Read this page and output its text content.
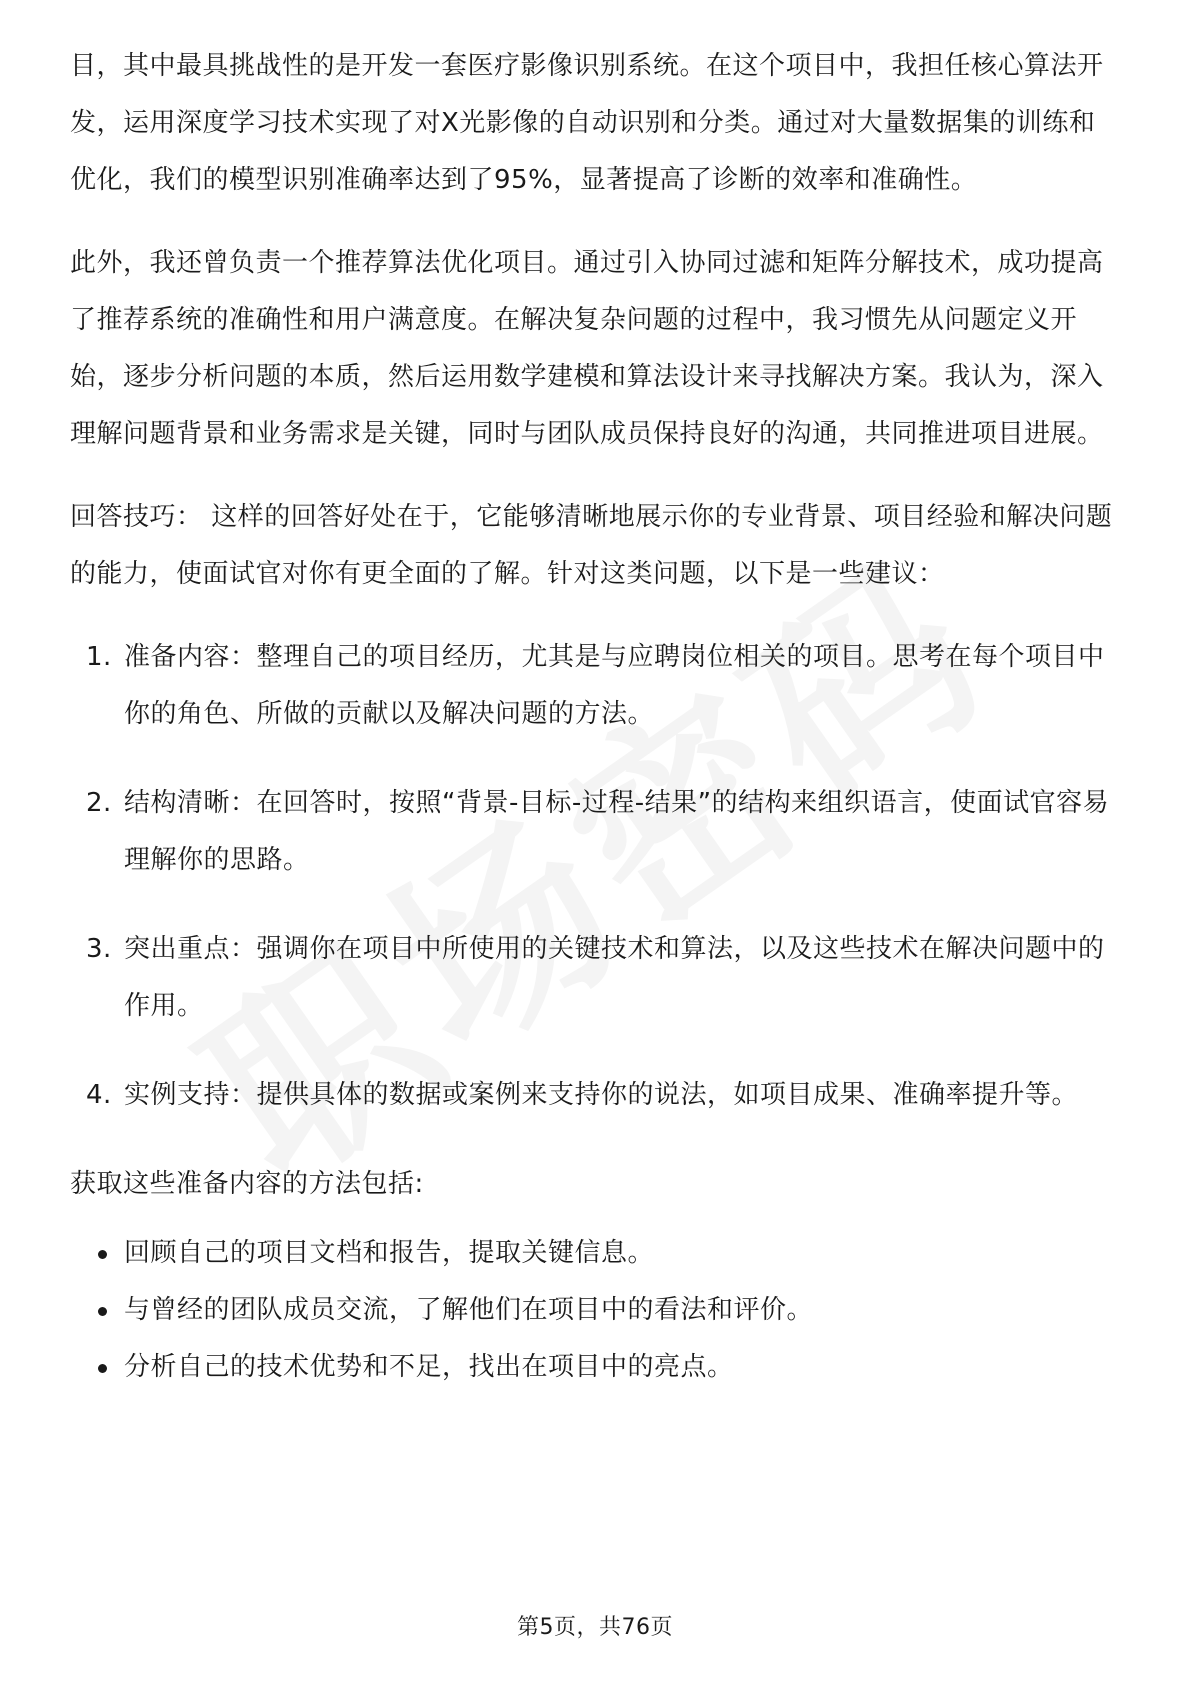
目，其中最具挑战性的是开发一套医疗影像识别系统。在这个项目中，我担任核心算法开发，运用深度学习技术实现了对X光影像的自动识别和分类。通过对大量数据集的训练和优化，我们的模型识别准确率达到了95%，显著提高了诊断的效率和准确性。

此外，我还曾负责一个推荐算法优化项目。通过引入协同过滤和矩阵分解技术，成功提高了推荐系统的准确性和用户满意度。在解决复杂问题的过程中，我习惯先从问题定义开始，逐步分析问题的本质，然后运用数学建模和算法设计来寻找解决方案。我认为，深入理解问题背景和业务需求是关键，同时与团队成员保持良好的沟通，共同推进项目进展。

回答技巧： 这样的回答好处在于，它能够清晰地展示你的专业背景、项目经验和解决问题的能力，使面试官对你有更全面的了解。针对这类问题，以下是一些建议：

1. 准备内容：整理自己的项目经历，尤其是与应聘岗位相关的项目。思考在每个项目中你的角色、所做的贡献以及解决问题的方法。
2. 结构清晰：在回答时，按照“背景-目标-过程-结果”的结构来组织语言，使面试官容易理解你的思路。
3. 突出重点：强调你在项目中所使用的关键技术和算法，以及这些技术在解决问题中的作用。
4. 实例支持：提供具体的数据或案例来支持你的说法，如项目成果、准确率提升等。

获取这些准备内容的方法包括:

回顾自己的项目文档和报告，提取关键信息。
与曾经的团队成员交流，了解他们在项目中的看法和评价。
分析自己的技术优势和不足，找出在项目中的亮点。
第5页，共76页
